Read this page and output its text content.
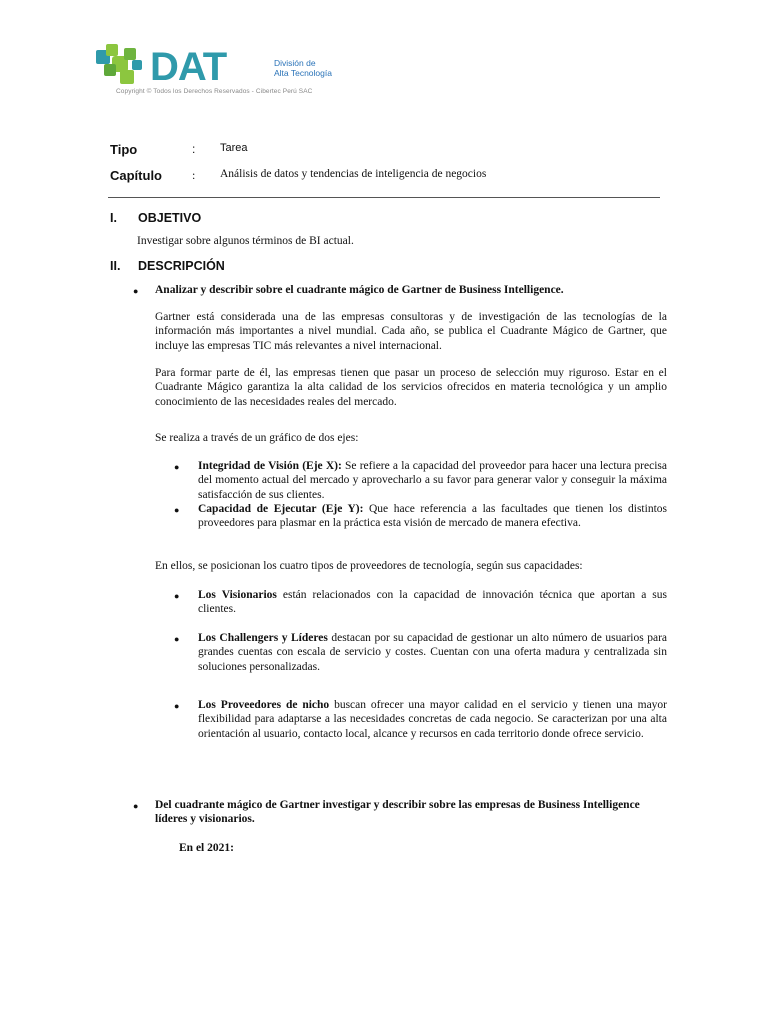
DAT	División de
Alta Tecnología
Copyright © Todos los Derechos Reservados - Cibertec Perú SAC
Tipo	: Tarea
Capítulo	: Análisis de datos y tendencias de inteligencia de negocios
I. OBJETIVO
Investigar sobre algunos términos de BI actual.
II. DESCRIPCIÓN
● Analizar y describir sobre el cuadrante mágico de Gartner de Business Intelligence.
Gartner está considerada una de las empresas consultoras y de investigación de las tecnologías de la información más importantes a nivel mundial. Cada año, se publica el Cuadrante Mágico de Gartner, que incluye las empresas TIC más relevantes a nivel internacional.
Para formar parte de él, las empresas tienen que pasar un proceso de selección muy riguroso. Estar en el Cuadrante Mágico garantiza la alta calidad de los servicios ofrecidos en materia tecnológica y un amplio conocimiento de las necesidades reales del mercado.
Se realiza a través de un gráfico de dos ejes:
● Integridad de Visión (Eje X): Se refiere a la capacidad del proveedor para hacer una lectura precisa del momento actual del mercado y aprovecharlo a su favor para generar valor y conseguir la máxima satisfacción de sus clientes.
● Capacidad de Ejecutar (Eje Y): Que hace referencia a las facultades que tienen los distintos proveedores para plasmar en la práctica esta visión de mercado de manera efectiva.
En ellos, se posicionan los cuatro tipos de proveedores de tecnología, según sus capacidades:
● Los Visionarios están relacionados con la capacidad de innovación técnica que aportan a sus clientes.
● Los Challengers y Líderes destacan por su capacidad de gestionar un alto número de usuarios para grandes cuentas con escala de servicio y costes. Cuentan con una oferta madura y centralizada sin soluciones personalizadas.
● Los Proveedores de nicho buscan ofrecer una mayor calidad en el servicio y tienen una mayor flexibilidad para adaptarse a las necesidades concretas de cada negocio. Se caracterizan por una alta orientación al usuario, contacto local, alcance y recursos en cada territorio donde ofrece servicio.
● Del cuadrante mágico de Gartner investigar y describir sobre las empresas de Business Intelligence líderes y visionarios.
En el 2021:
